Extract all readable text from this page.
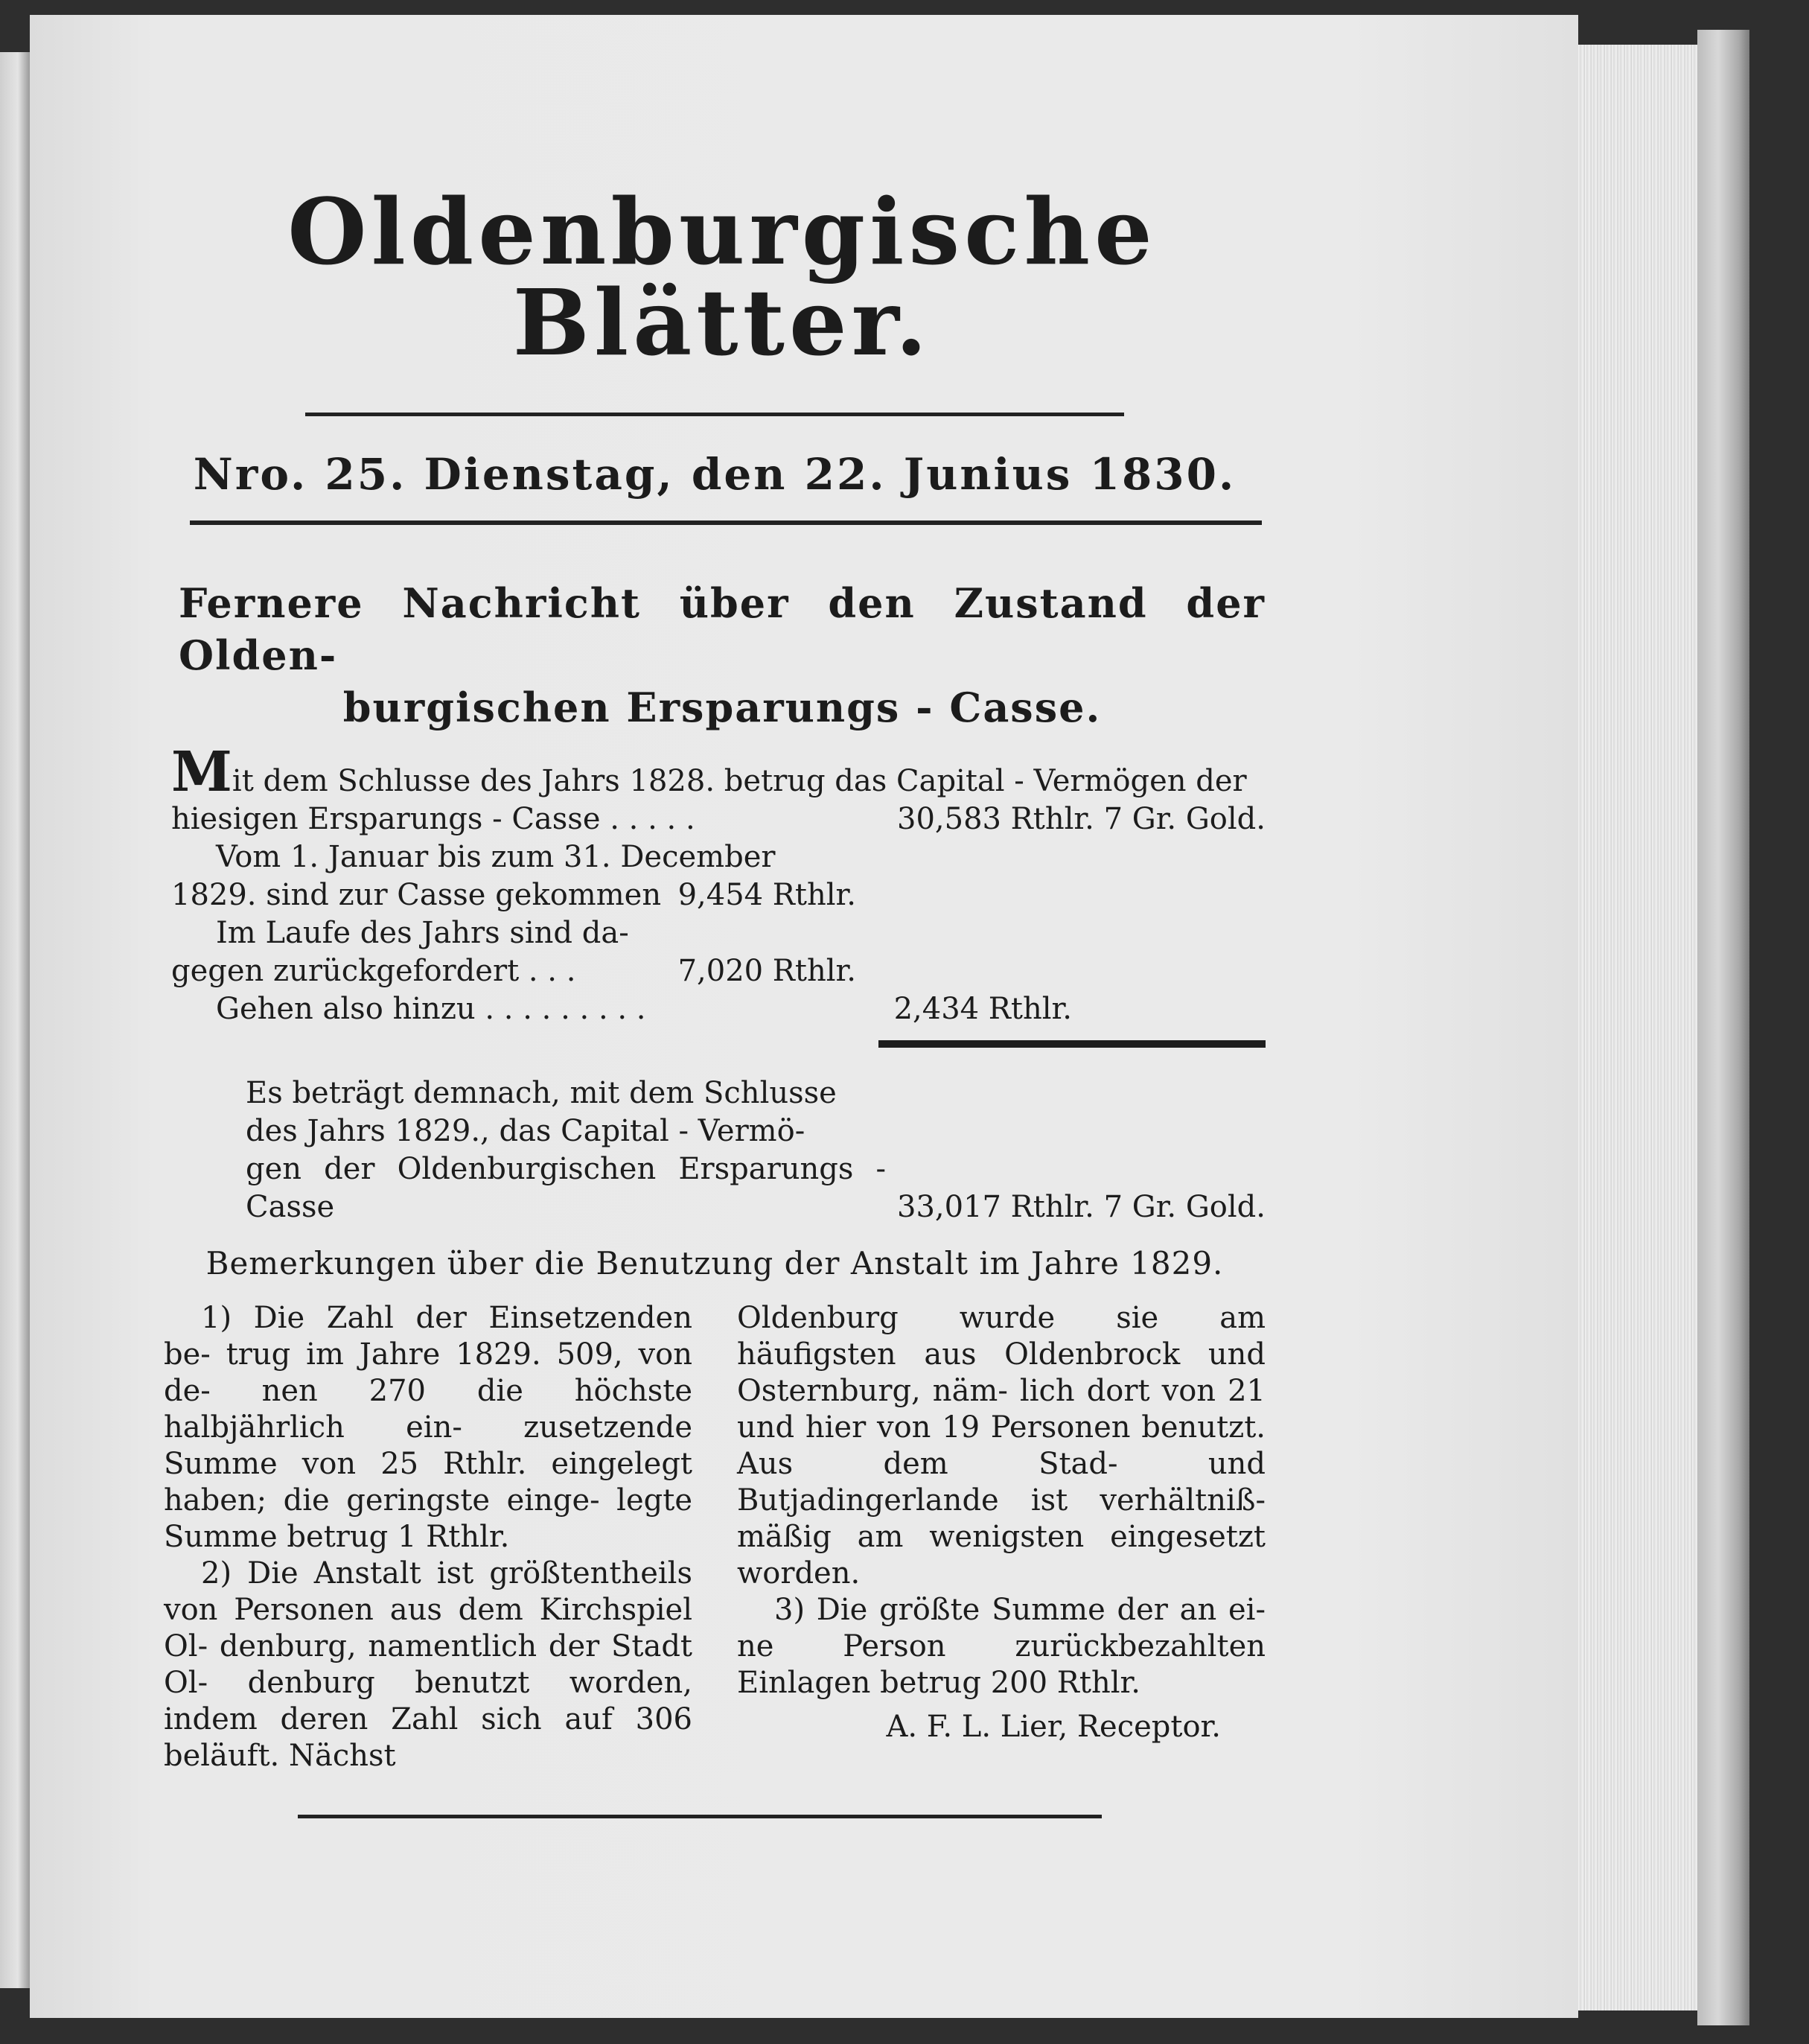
Oldenburgische Blätter.
Nro. 25. Dienstag, den 22. Junius 1830.
Fernere Nachricht über den Zustand der Olden-
burgischen Ersparungs - Casse.
Mit dem Schlusse des Jahrs 1828. betrug das Capital - Vermögen der
hiesigen Ersparungs - Casse . . . . .	30,583 Rthlr. 7 Gr. Gold.
Vom 1. Januar bis zum 31. December
1829. sind zur Casse gekommen 9,454 Rthlr.
Im Laufe des Jahrs sind da-
gegen zurückgefordert . . .	7,020 Rthlr.
Gehen also hinzu . . . . . . . . .	2,434 Rthlr.
Es beträgt demnach, mit dem Schlusse
des Jahrs 1829., das Capital - Vermö-
gen der Oldenburgischen Ersparungs - Casse	33,017 Rthlr. 7 Gr. Gold.
Bemerkungen über die Benutzung der Anstalt im Jahre 1829.

1) Die Zahl der Einsetzenden be- trug im Jahre 1829. 509, von de- nen 270 die höchste halbjährlich ein- zusetzende Summe von 25 Rthlr. eingelegt haben; die geringste einge- legte Summe betrug 1 Rthlr.

2) Die Anstalt ist größtentheils von Personen aus dem Kirchspiel Ol- denburg, namentlich der Stadt Ol- denburg benutzt worden, indem deren Zahl sich auf 306 beläuft. Nächst

Oldenburg wurde sie am häufigsten aus Oldenbrock und Osternburg, näm- lich dort von 21 und hier von 19 Personen benutzt. Aus dem Stad- und Butjadingerlande ist verhältniß- mäßig am wenigsten eingesetzt worden.

3) Die größte Summe der an ei- ne Person zurückbezahlten Einlagen betrug 200 Rthlr.

A. F. L. Lier, Receptor.
